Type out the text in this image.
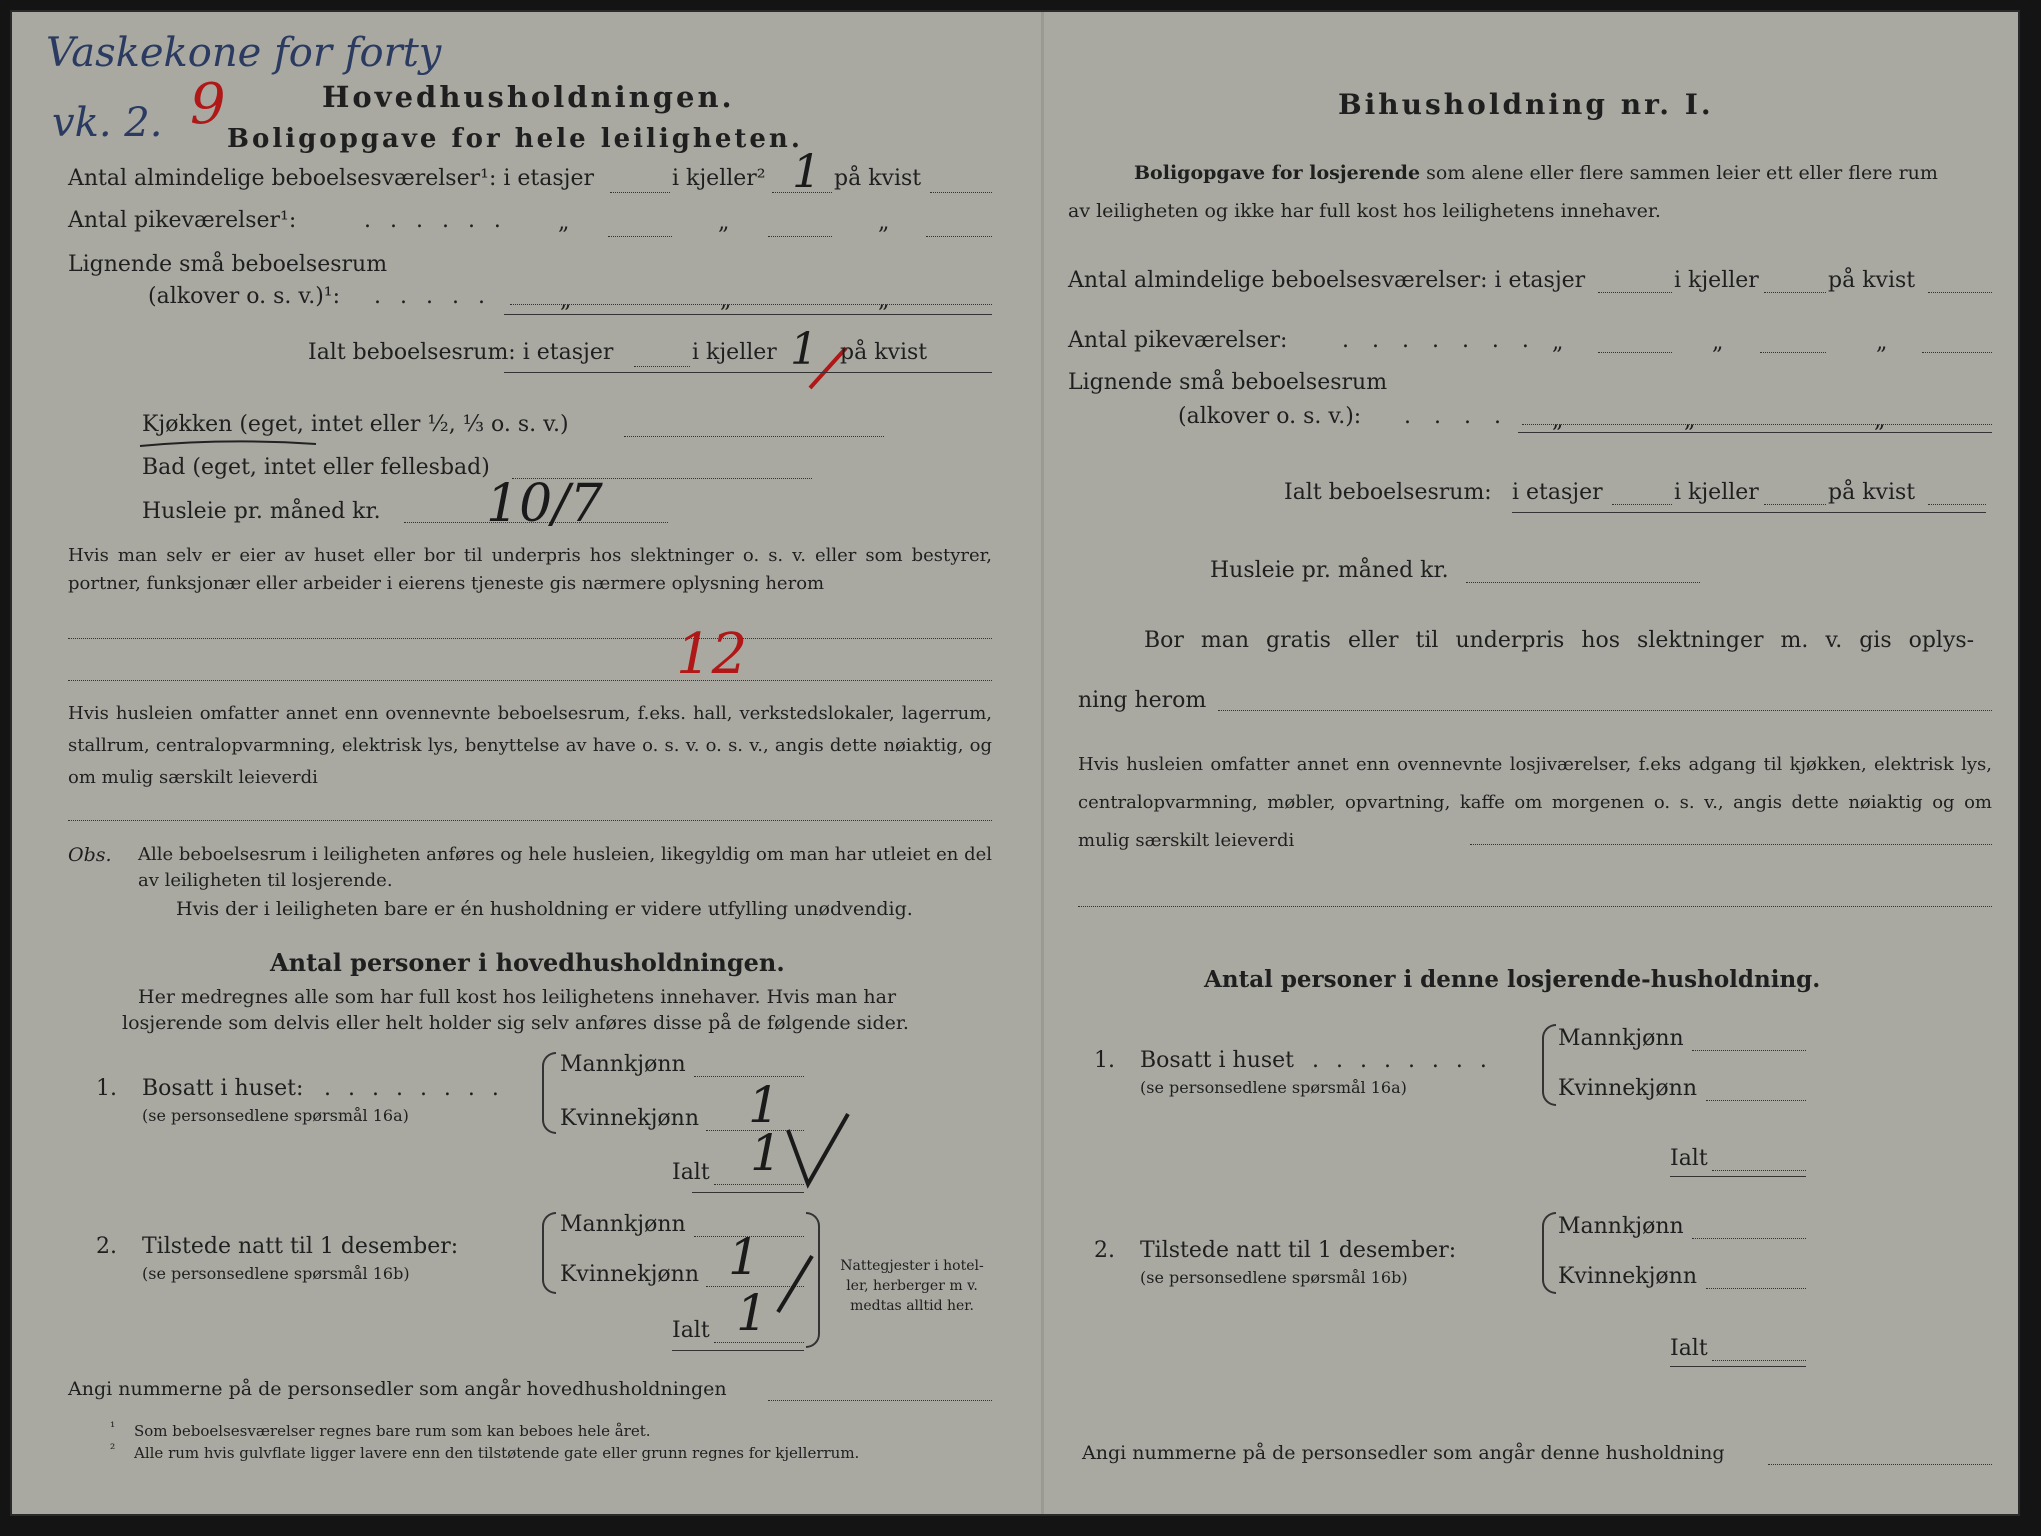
Vaskekone for forty
vk. 2. 9	Hovedhusholdningen.
Boligopgave for hele leiligheten.
Antal almindelige beboelsesværelser¹: i etasjer	i kjeller² 1 på kvist
Antal pikeværelser¹:	. . . . . . „	„	„
Lignende små beboelsesrum
(alkover o. s. v.)¹: . . . . .	„	„	„
Ialt beboelsesrum: i etasjer	i kjeller 1 på kvist
Kjøkken (eget, intet eller ½, ⅓ o. s. v.)
Bad (eget, intet eller fellesbad)
Husleie pr. måned kr. 10/7
Hvis man selv er eier av huset eller bor til underpris hos slektninger o. s. v. eller som bestyrer, portner, funksjonær eller arbeider i eierens tjeneste gis nærmere oplysning herom
12
Hvis husleien omfatter annet enn ovennevnte beboelsesrum, f.eks. hall, verkstedslokaler, lagerrum, stallrum, centralopvarmning, elektrisk lys, benyttelse av have o. s. v. o. s. v., angis dette nøiaktig, og om mulig særskilt leieverdi
Obs. Alle beboelsesrum i leiligheten anføres og hele husleien, likegyldig om man har utleiet en del av leiligheten til losjerende.
Hvis der i leiligheten bare er én husholdning er videre utfylling unødvendig.
Antal personer i hovedhusholdningen.
Her medregnes alle som har full kost hos leilighetens innehaver. Hvis man har
losjerende som delvis eller helt holder sig selv anføres disse på de følgende sider.
1. Bosatt i huset: . . . . . . . .
(se personsedlene spørsmål 16a)
Mannkjønn
Kvinnekjønn 1
Ialt 1
2. Tilstede natt til 1 desember:
(se personsedlene spørsmål 16b)
Mannkjønn
Kvinnekjønn 1
Ialt 1
Nattegjester i hotel-
ler, herberger m v.
medtas alltid her.
Angi nummerne på de personsedler som angår hovedhusholdningen
¹ Som beboelsesværelser regnes bare rum som kan beboes hele året.
² Alle rum hvis gulvflate ligger lavere enn den tilstøtende gate eller grunn regnes for kjellerrum.
Bihusholdning nr. I.
Boligopgave for losjerende som alene eller flere sammen leier ett eller flere rum
av leiligheten og ikke har full kost hos leilighetens innehaver.
Antal almindelige beboelsesværelser: i etasjer	i kjeller	på kvist
Antal pikeværelser: . . . . . . . „	„	„
Lignende små beboelsesrum
(alkover o. s. v.): . . . . „	„	„
Ialt beboelsesrum: i etasjer	i kjeller	på kvist
Husleie pr. måned kr.
Bor man gratis eller til underpris hos slektninger m. v. gis oplys-
ning herom
Hvis husleien omfatter annet enn ovennevnte losjiværelser, f.eks adgang til kjøkken, elektrisk lys, centralopvarmning, møbler, opvartning, kaffe om morgenen o. s. v., angis dette nøiaktig og om mulig særskilt leieverdi
Antal personer i denne losjerende-husholdning.
1. Bosatt i huset . . . . . . . .
(se personsedlene spørsmål 16a)
Mannkjønn
Kvinnekjønn
Ialt
2. Tilstede natt til 1 desember:
(se personsedlene spørsmål 16b)
Mannkjønn
Kvinnekjønn
Ialt
Angi nummerne på de personsedler som angår denne husholdning
